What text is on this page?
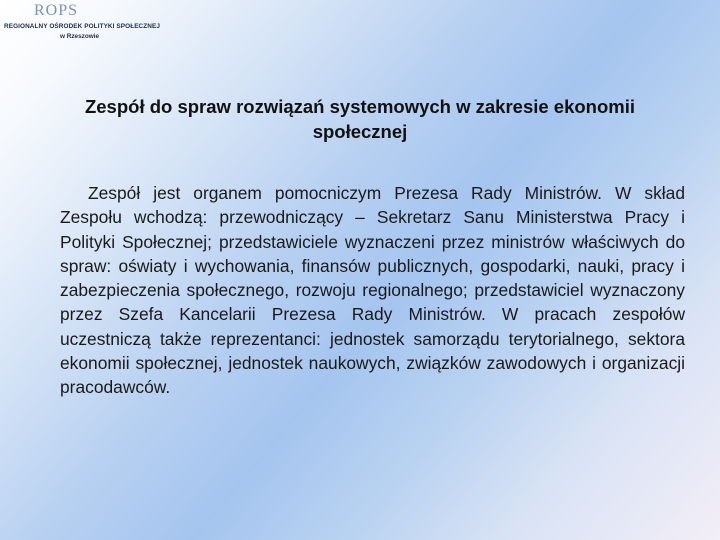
ROPS
REGIONALNY OŚRODEK POLITYKI SPOŁECZNEJ
w Rzeszowie
Zespół do spraw rozwiązań systemowych w zakresie ekonomii społecznej
Zespół jest organem pomocniczym Prezesa Rady Ministrów. W skład Zespołu wchodzą: przewodniczący – Sekretarz Sanu Ministerstwa Pracy i Polityki Społecznej; przedstawiciele wyznaczeni przez ministrów właściwych do spraw: oświaty i wychowania, finansów publicznych, gospodarki, nauki, pracy i zabezpieczenia społecznego, rozwoju regionalnego; przedstawiciel wyznaczony przez Szefa Kancelarii Prezesa Rady Ministrów. W pracach zespołów uczestniczą także reprezentanci: jednostek samorządu terytorialnego, sektora ekonomii społecznej, jednostek naukowych, związków zawodowych i organizacji pracodawców.
